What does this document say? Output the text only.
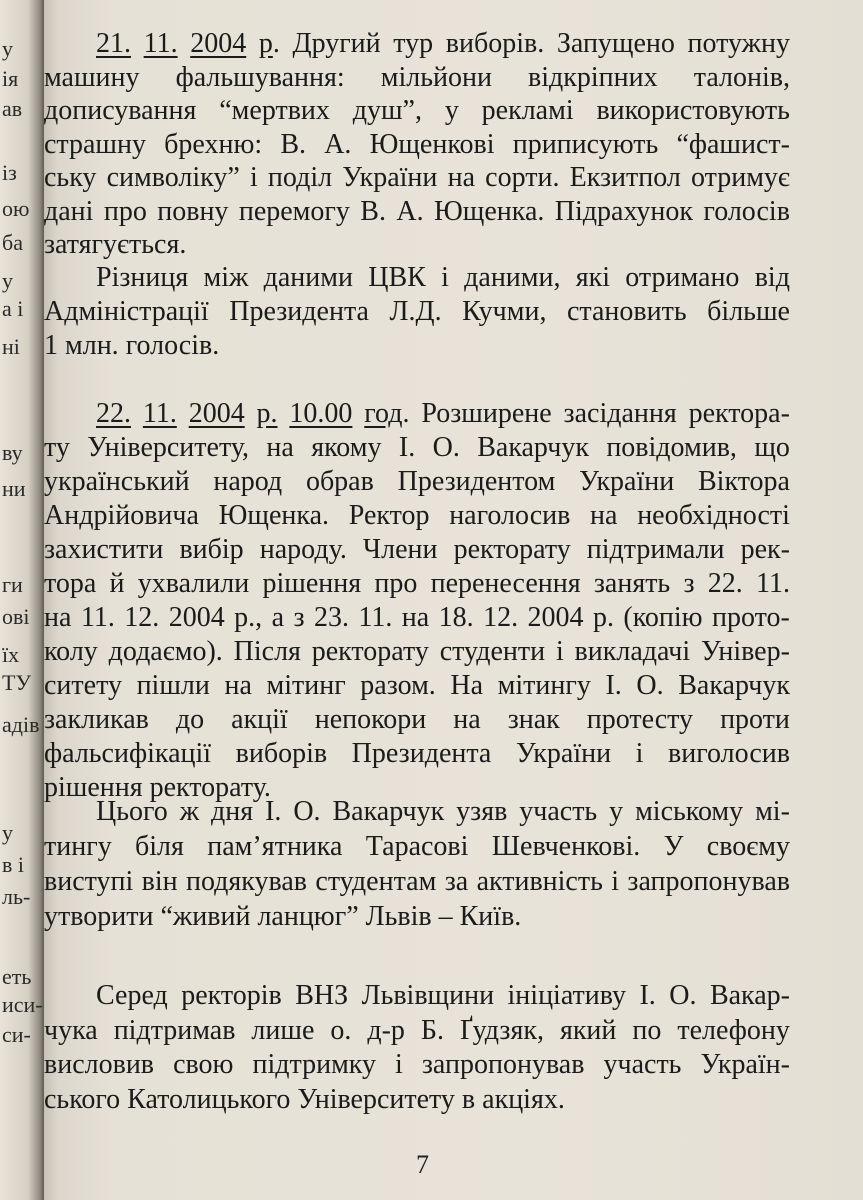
у
ія
ав
із
ою
ба
у
а і
ні
ву
ни
ги
ові
їх
ТУ
адів
у
в і
ль-
еть
иси-
си-
21. 11. 2004 р. Другий тур виборів. Запущено потужну
машину фальшування: мільйони відкріпних талонів,
дописування “мертвих душ”, у рекламі використовують
страшну брехню: В. А. Ющенкові приписують “фашист-
ську символіку” і поділ України на сорти. Екзитпол отримує
дані про повну перемогу В. А. Ющенка. Підрахунок голосів
затягується.
Різниця між даними ЦВК і даними, які отримано від
Адміністрації Президента Л.Д. Кучми, становить більше
1 млн. голосів.
22. 11. 2004 р. 10.00 год. Розширене засідання ректора-
ту Університету, на якому І. О. Вакарчук повідомив, що
український народ обрав Президентом України Віктора
Андрійовича Ющенка. Ректор наголосив на необхідності
захистити вибір народу. Члени ректорату підтримали рек-
тора й ухвалили рішення про перенесення занять з 22. 11.
на 11. 12. 2004 р., а з 23. 11. на 18. 12. 2004 р. (копію прото-
колу додаємо). Після ректорату студенти і викладачі Універ-
ситету пішли на мітинг разом. На мітингу І. О. Вакарчук
закликав до акції непокори на знак протесту проти
фальсифікації виборів Президента України і виголосив
рішення ректорату.
Цього ж дня І. О. Вакарчук узяв участь у міському мі-
тингу біля пам’ятника Тарасові Шевченкові. У своєму
виступі він подякував студентам за активність і запропонував
утворити “живий ланцюг” Львів – Київ.
Серед ректорів ВНЗ Львівщини ініціативу І. О. Вакар-
чука підтримав лише о. д-р Б. Ґудзяк, який по телефону
висловив свою підтримку і запропонував участь Україн-
ського Католицького Університету в акціях.
7
